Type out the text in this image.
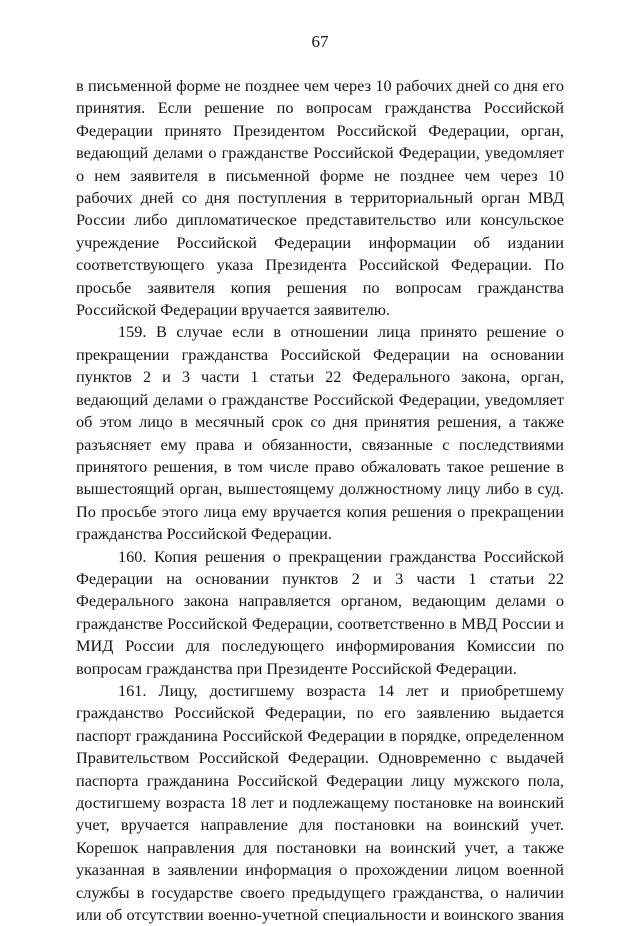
67

в письменной форме не позднее чем через 10 рабочих дней со дня его принятия. Если решение по вопросам гражданства Российской Федерации принято Президентом Российской Федерации, орган, ведающий делами о гражданстве Российской Федерации, уведомляет о нем заявителя в письменной форме не позднее чем через 10 рабочих дней со дня поступления в территориальный орган МВД России либо дипломатическое представительство или консульское учреждение Российской Федерации информации об издании соответствующего указа Президента Российской Федерации. По просьбе заявителя копия решения по вопросам гражданства Российской Федерации вручается заявителю.

159. В случае если в отношении лица принято решение о прекращении гражданства Российской Федерации на основании пунктов 2 и 3 части 1 статьи 22 Федерального закона, орган, ведающий делами о гражданстве Российской Федерации, уведомляет об этом лицо в месячный срок со дня принятия решения, а также разъясняет ему права и обязанности, связанные с последствиями принятого решения, в том числе право обжаловать такое решение в вышестоящий орган, вышестоящему должностному лицу либо в суд. По просьбе этого лица ему вручается копия решения о прекращении гражданства Российской Федерации.

160. Копия решения о прекращении гражданства Российской Федерации на основании пунктов 2 и 3 части 1 статьи 22 Федерального закона направляется органом, ведающим делами о гражданстве Российской Федерации, соответственно в МВД России и МИД России для последующего информирования Комиссии по вопросам гражданства при Президенте Российской Федерации.

161. Лицу, достигшему возраста 14 лет и приобретшему гражданство Российской Федерации, по его заявлению выдается паспорт гражданина Российской Федерации в порядке, определенном Правительством Российской Федерации. Одновременно с выдачей паспорта гражданина Российской Федерации лицу мужского пола, достигшему возраста 18 лет и подлежащему постановке на воинский учет, вручается направление для постановки на воинский учет. Корешок направления для постановки на воинский учет, а также указанная в заявлении информация о прохождении лицом военной службы в государстве своего предыдущего гражданства, о наличии или об отсутствии военно-учетной специальности и воинского звания
